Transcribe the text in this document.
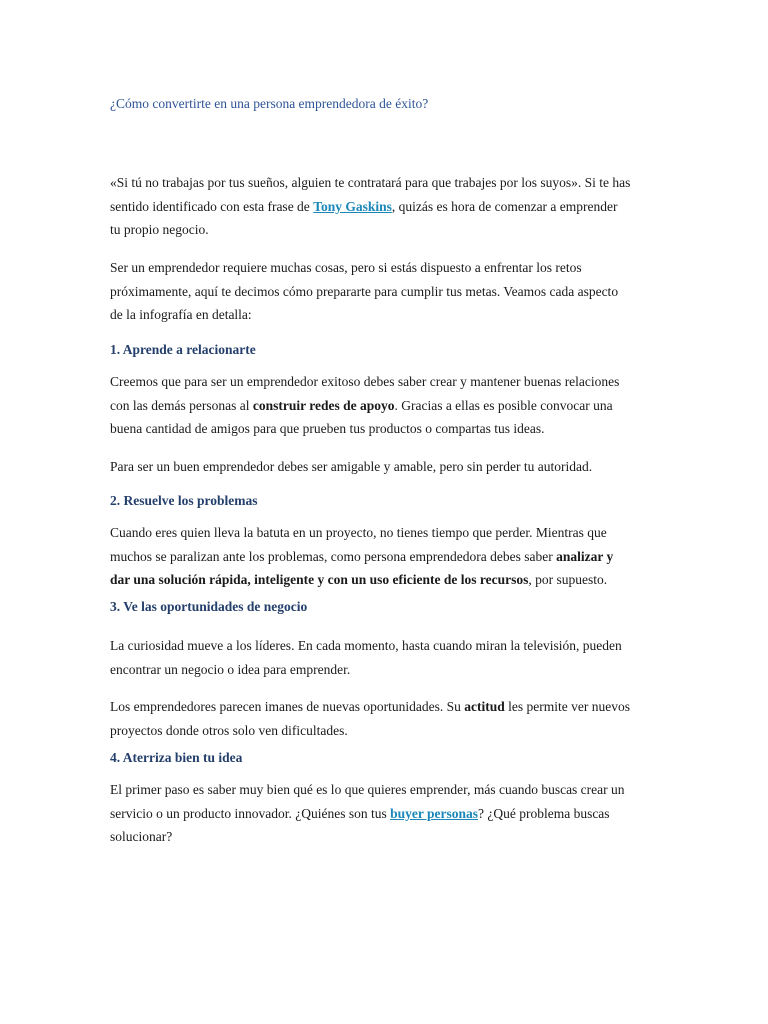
¿Cómo convertirte en una persona emprendedora de éxito?

«Si tú no trabajas por tus sueños, alguien te contratará para que trabajes por los suyos». Si te has
sentido identificado con esta frase de Tony Gaskins, quizás es hora de comenzar a emprender
tu propio negocio.

Ser un emprendedor requiere muchas cosas, pero si estás dispuesto a enfrentar los retos
próximamente, aquí te decimos cómo prepararte para cumplir tus metas. Veamos cada aspecto
de la infografía en detalla:

1. Aprende a relacionarte

Creemos que para ser un emprendedor exitoso debes saber crear y mantener buenas relaciones
con las demás personas al construir redes de apoyo. Gracias a ellas es posible convocar una
buena cantidad de amigos para que prueben tus productos o compartas tus ideas.

Para ser un buen emprendedor debes ser amigable y amable, pero sin perder tu autoridad.

2. Resuelve los problemas

Cuando eres quien lleva la batuta en un proyecto, no tienes tiempo que perder. Mientras que
muchos se paralizan ante los problemas, como persona emprendedora debes saber analizar y
dar una solución rápida, inteligente y con un uso eficiente de los recursos, por supuesto.

3. Ve las oportunidades de negocio

La curiosidad mueve a los líderes. En cada momento, hasta cuando miran la televisión, pueden
encontrar un negocio o idea para emprender.

Los emprendedores parecen imanes de nuevas oportunidades. Su actitud les permite ver nuevos
proyectos donde otros solo ven dificultades.

4. Aterriza bien tu idea

El primer paso es saber muy bien qué es lo que quieres emprender, más cuando buscas crear un
servicio o un producto innovador. ¿Quiénes son tus buyer personas? ¿Qué problema buscas
solucionar?
